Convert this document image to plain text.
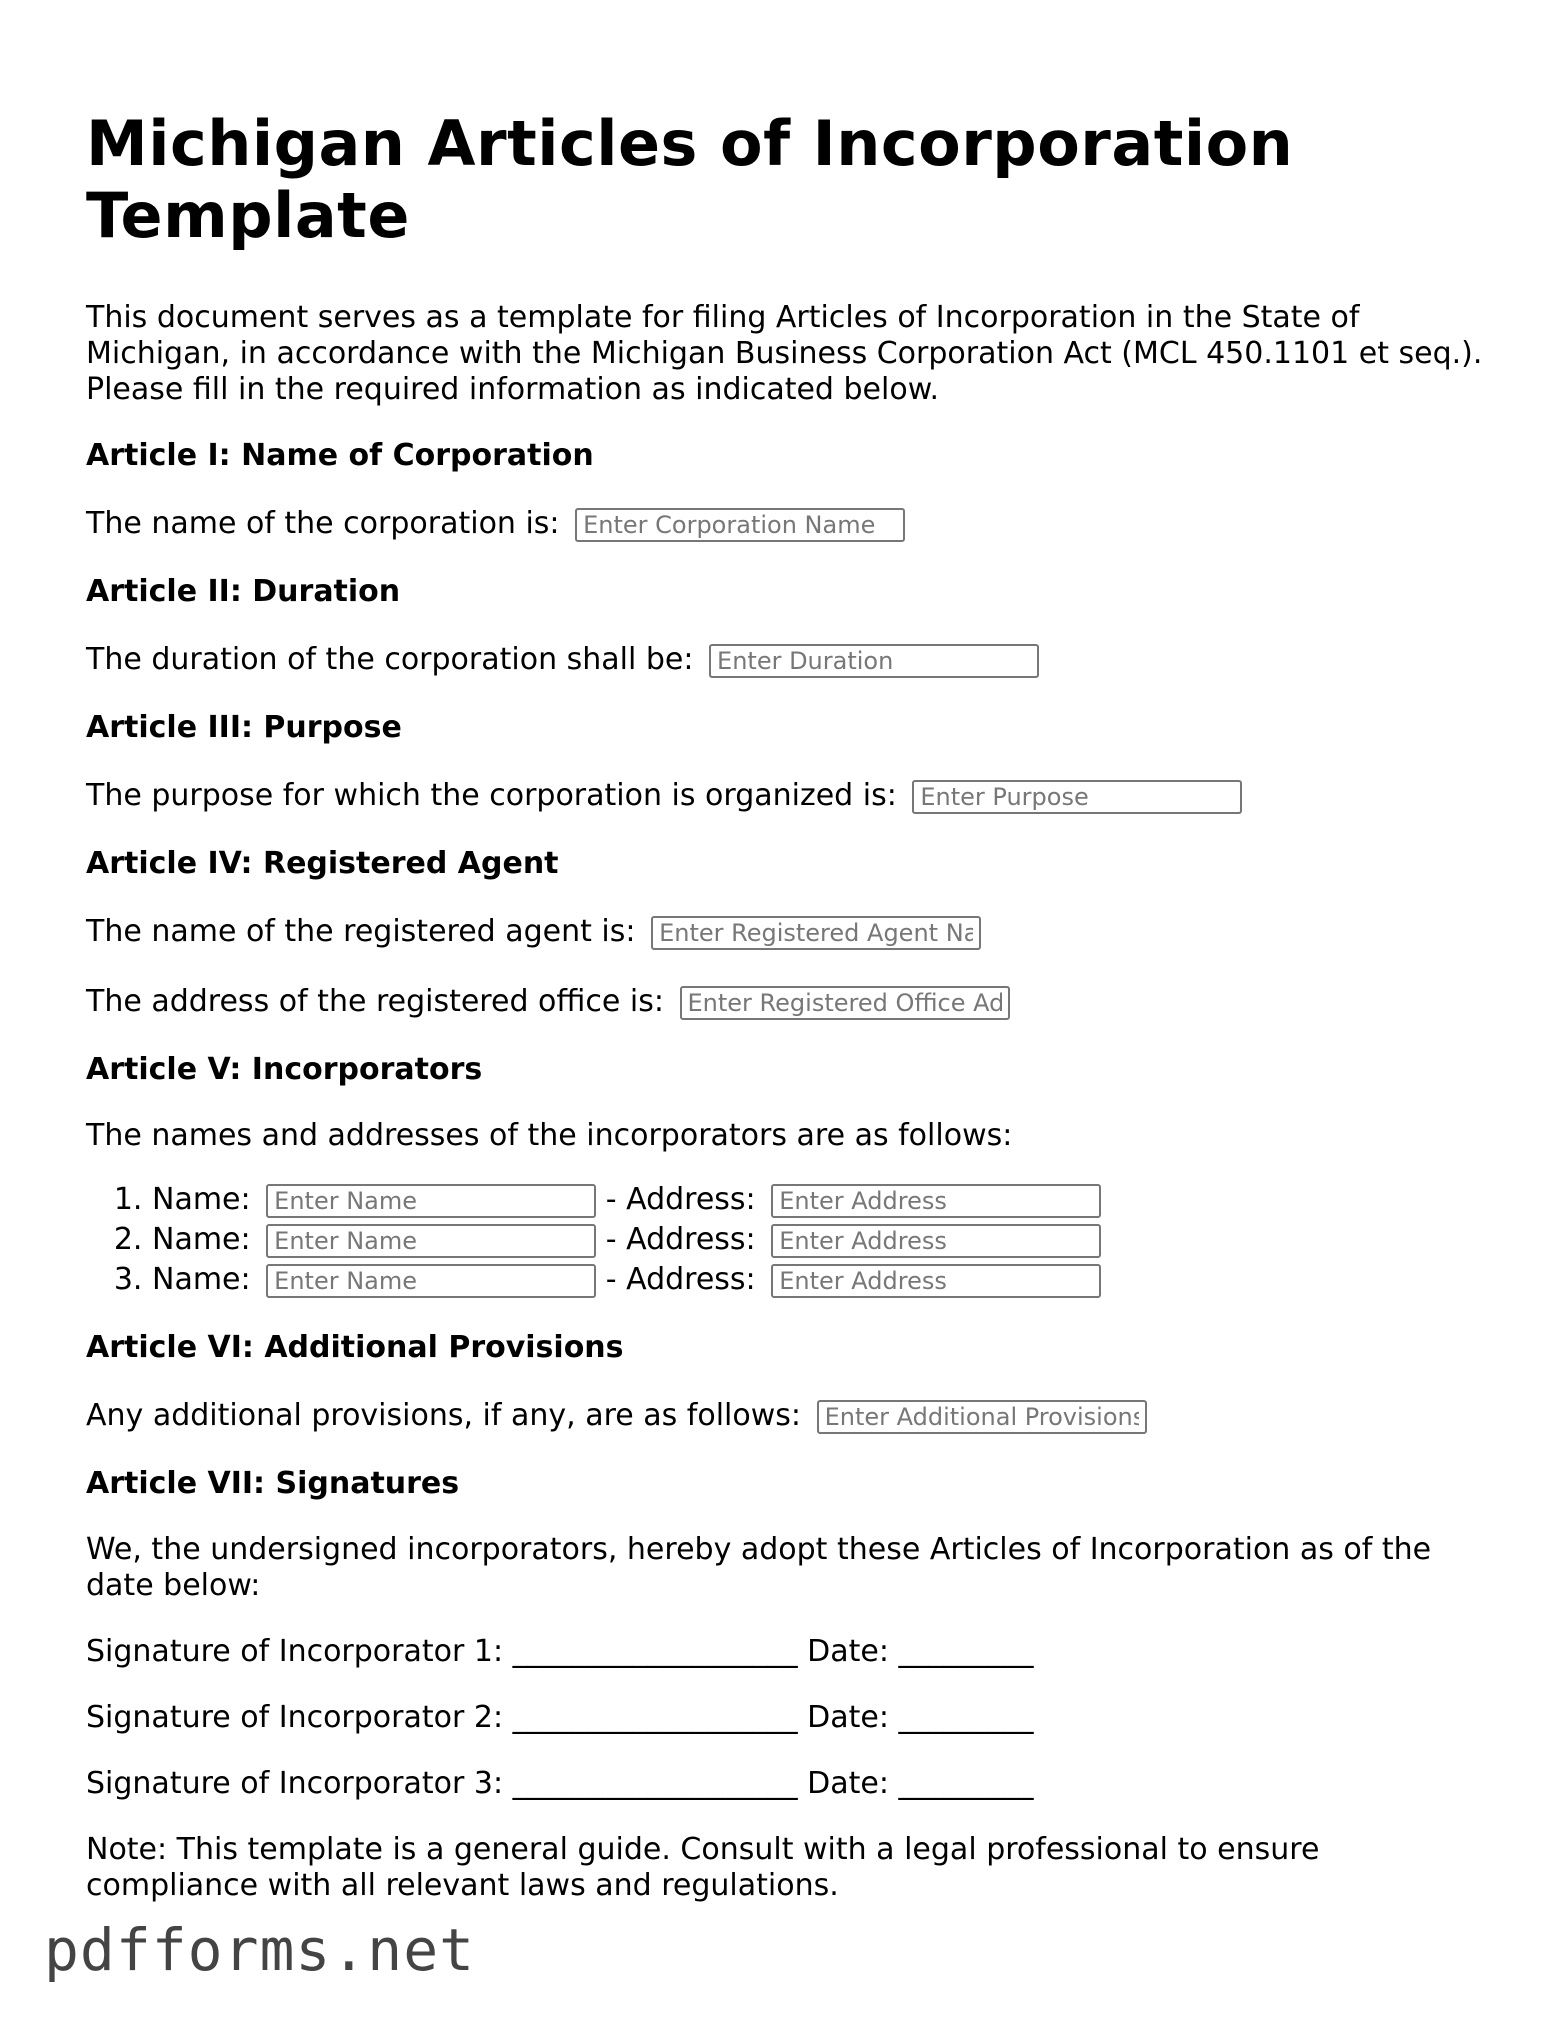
Michigan Articles of Incorporation Template

This document serves as a template for filing Articles of Incorporation in the State of Michigan, in accordance with the Michigan Business Corporation Act (MCL 450.1101 et seq.). Please fill in the required information as indicated below.

Article I: Name of Corporation
The name of the corporation is: Enter Corporation Name
Article II: Duration
The duration of the corporation shall be: Enter Duration
Article III: Purpose
The purpose for which the corporation is organized is: Enter Purpose
Article IV: Registered Agent
The name of the registered agent is: Enter Registered Agent Name
The address of the registered office is: Enter Registered Office Address
Article V: Incorporators

The names and addresses of the incorporators are as follows:

1. Name: Enter Name	- Address: Enter Address
2. Name: Enter Name	- Address: Enter Address
3. Name: Enter Name	- Address: Enter Address
Article VI: Additional Provisions
Any additional provisions, if any, are as follows: Enter Additional Provisions
Article VII: Signatures

We, the undersigned incorporators, hereby adopt these Articles of Incorporation as of the date below:

Signature of Incorporator 1: ___________________ Date: _________
Signature of Incorporator 2: ___________________ Date: _________
Signature of Incorporator 3: ___________________ Date: _________

Note: This template is a general guide. Consult with a legal professional to ensure compliance with all relevant laws and regulations.

pdfforms.net
